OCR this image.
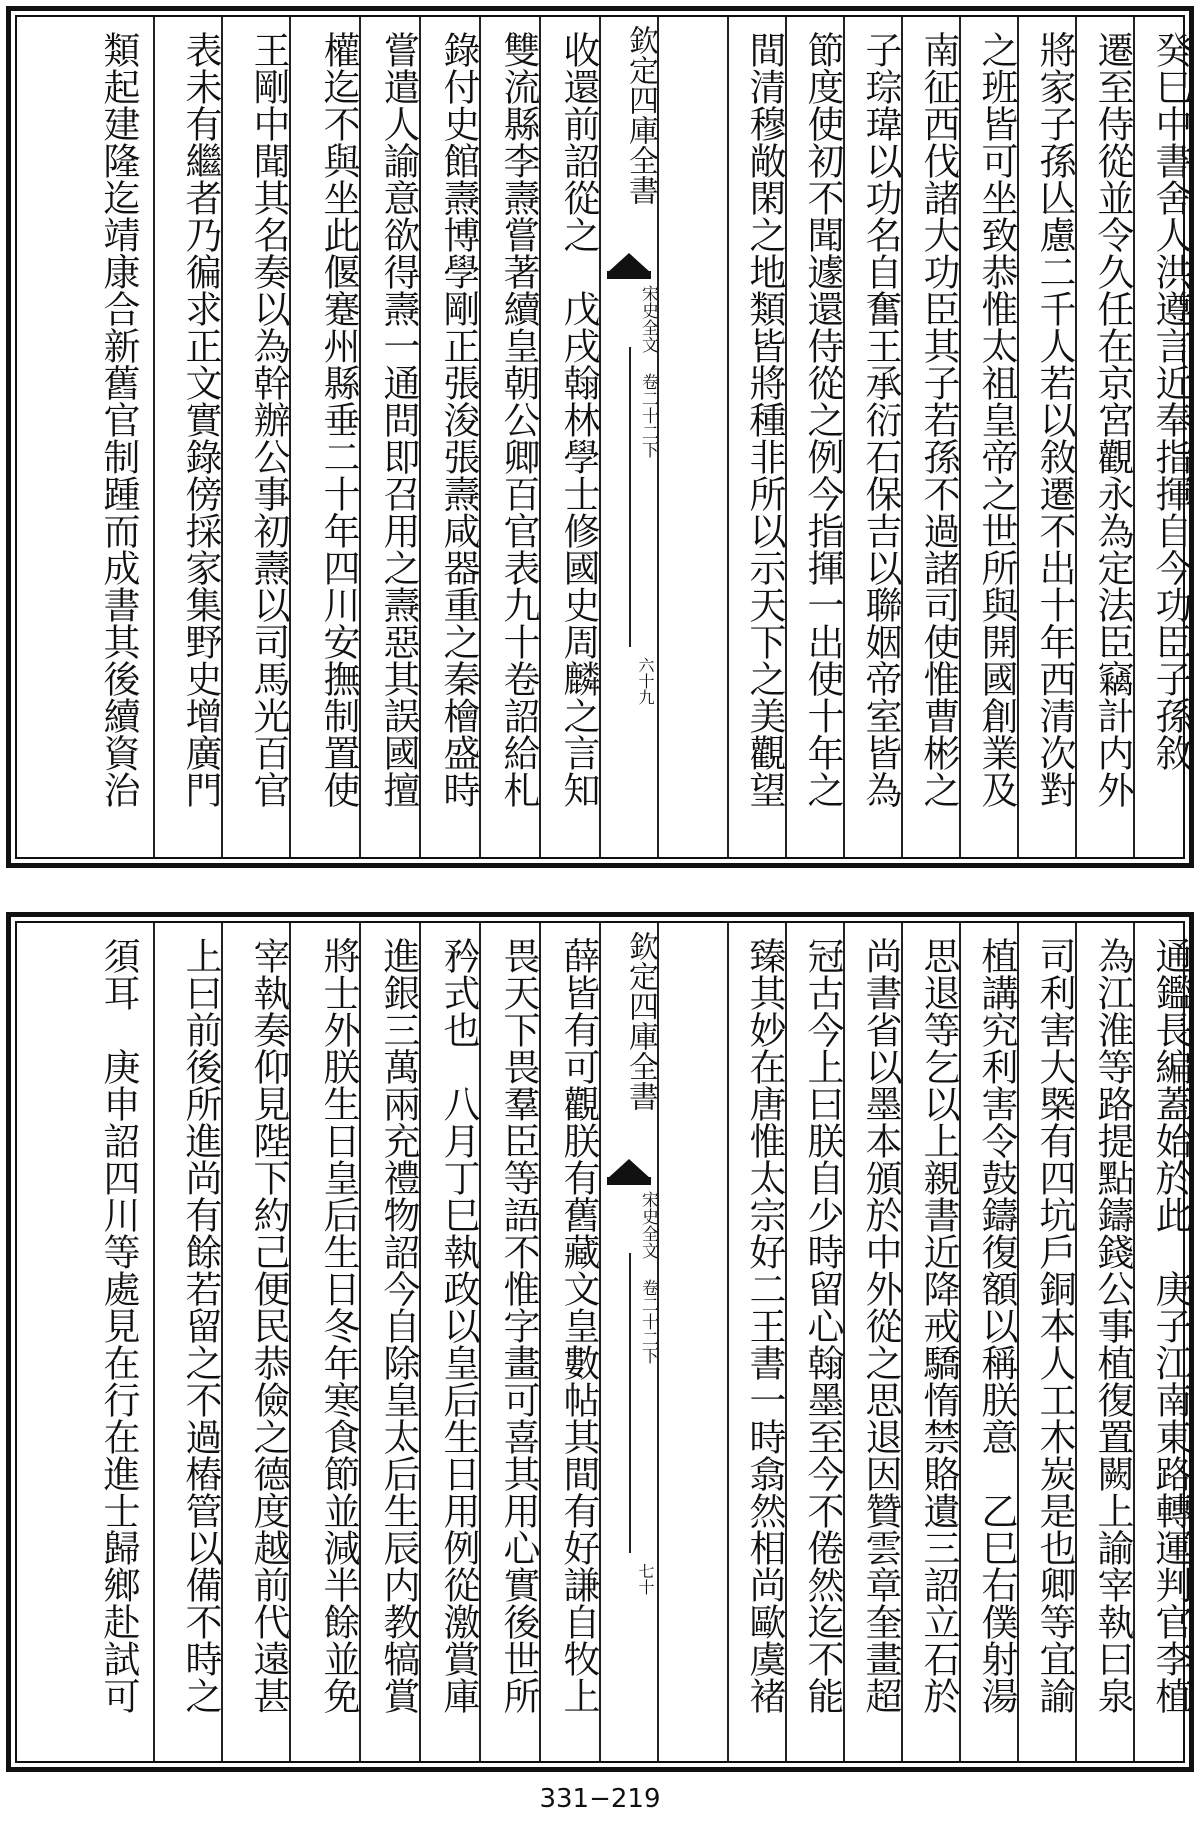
癸巳中書舍人洪遵言近奉指揮自今功臣子孫敘
遷至侍從並令久任在京宮觀永為定法臣竊計内外
將家子孫亾慮二千人若以敘遷不出十年西清次對
之班皆可坐致恭惟太祖皇帝之世所與開國創業及
南征西伐諸大功臣其子若孫不過諸司使惟曹彬之
子琮瑋以功名自奮王承衍石保吉以聯姻帝室皆為
節度使初不聞遽還侍從之例今指揮一出使十年之
間清穆敞閑之地類皆將種非所以示天下之美觀望
欽定四庫全書
宋史全文 卷二十二下
六十九
收還前詔從之　戊戌翰林學士修國史周麟之言知
雙流縣李燾嘗著續皇朝公卿百官表九十卷詔給札
錄付史館燾博學剛正張浚張燾咸器重之秦檜盛時
嘗遣人諭意欲得燾一通問即召用之燾惡其誤國擅
權迄不與坐此偃蹇州縣垂二十年四川安撫制置使
王剛中聞其名奏以為幹辦公事初燾以司馬光百官
表未有繼者乃徧求正文實錄傍採家集野史增廣門
類起建隆迄靖康合新舊官制踵而成書其後續資治
通鑑長編蓋始於此　庚子江南東路轉運判官李植
為江淮等路提點鑄錢公事植復置闕上諭宰執曰泉
司利害大槩有四坑戶銅本人工木炭是也卿等宜諭
植講究利害令鼓鑄復額以稱朕意　乙巳右僕射湯
思退等乞以上親書近降戒驕惰禁賂遺三詔立石於
尚書省以墨本頒於中外從之思退因贊雲章奎畫超
冠古今上曰朕自少時留心翰墨至今不倦然迄不能
臻其妙在唐惟太宗好二王書一時翕然相尚歐虞褚
欽定四庫全書
宋史全文 卷二十二下
七十
薛皆有可觀朕有舊藏文皇數帖其間有好謙自牧上
畏天下畏羣臣等語不惟字畫可喜其用心實後世所
矜式也　八月丁巳執政以皇后生日用例從激賞庫
進銀三萬兩充禮物詔今自除皇太后生辰内教犒賞
將士外朕生日皇后生日冬年寒食節並減半餘並免
宰執奏仰見陛下約己便民恭儉之德度越前代遠甚
上曰前後所進尚有餘若留之不過樁管以備不時之
須耳　庚申詔四川等處見在行在進士歸鄉赴試可
331−219
